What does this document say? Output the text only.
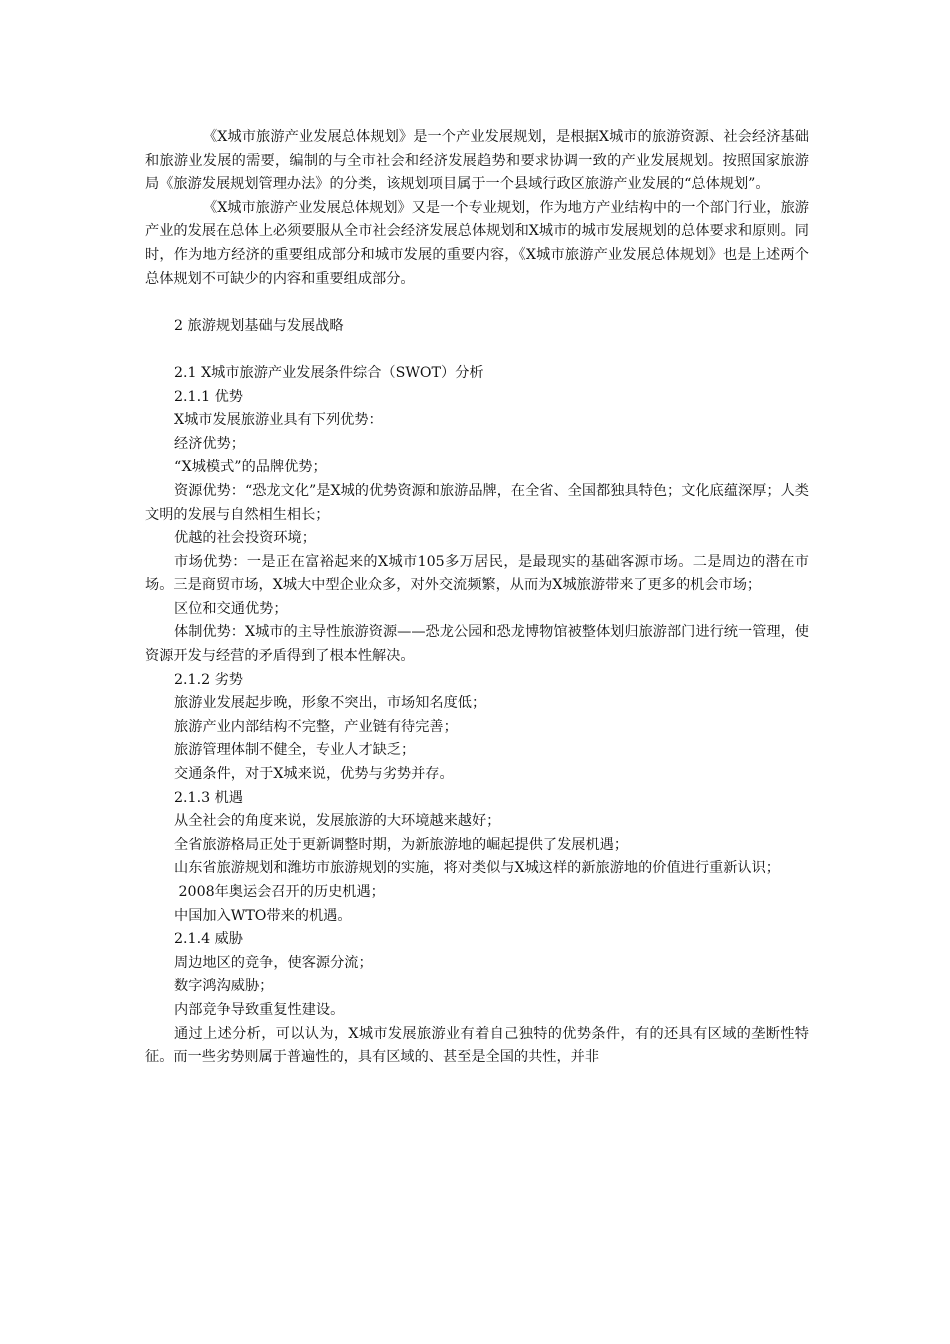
《X城市旅游产业发展总体规划》是一个产业发展规划，是根据X城市的旅游资源、社会经济基础和旅游业发展的需要，编制的与全市社会和经济发展趋势和要求协调一致的产业发展规划。按照国家旅游局《旅游发展规划管理办法》的分类，该规划项目属于一个县域行政区旅游产业发展的“总体规划”。

《X城市旅游产业发展总体规划》又是一个专业规划，作为地方产业结构中的一个部门行业，旅游产业的发展在总体上必须要服从全市社会经济发展总体规划和X城市的城市发展规划的总体要求和原则。同时，作为地方经济的重要组成部分和城市发展的重要内容，《X城市旅游产业发展总体规划》也是上述两个总体规划不可缺少的内容和重要组成部分。

2 旅游规划基础与发展战略

2.1 X城市旅游产业发展条件综合（SWOT）分析

2.1.1 优势

X城市发展旅游业具有下列优势：

经济优势；

“X城模式”的品牌优势；

资源优势：“恐龙文化”是X城的优势资源和旅游品牌，在全省、全国都独具特色；文化底蕴深厚；人类文明的发展与自然相生相长；

优越的社会投资环境；

市场优势：一是正在富裕起来的X城市105多万居民，是最现实的基础客源市场。二是周边的潜在市场。三是商贸市场，X城大中型企业众多，对外交流频繁，从而为X城旅游带来了更多的机会市场；

区位和交通优势；

体制优势：X城市的主导性旅游资源——恐龙公园和恐龙博物馆被整体划归旅游部门进行统一管理，使资源开发与经营的矛盾得到了根本性解决。

2.1.2 劣势

旅游业发展起步晚，形象不突出，市场知名度低；

旅游产业内部结构不完整，产业链有待完善；

旅游管理体制不健全，专业人才缺乏；

交通条件，对于X城来说，优势与劣势并存。

2.1.3 机遇

从全社会的角度来说，发展旅游的大环境越来越好；

全省旅游格局正处于更新调整时期，为新旅游地的崛起提供了发展机遇；

山东省旅游规划和潍坊市旅游规划的实施，将对类似与X城这样的新旅游地的价值进行重新认识；

2008年奥运会召开的历史机遇；

中国加入WTO带来的机遇。

2.1.4 威胁

周边地区的竞争，使客源分流；

数字鸿沟威胁；

内部竞争导致重复性建设。

通过上述分析，可以认为，X城市发展旅游业有着自己独特的优势条件，有的还具有区域的垄断性特征。而一些劣势则属于普遍性的，具有区域的、甚至是全国的共性，并非
